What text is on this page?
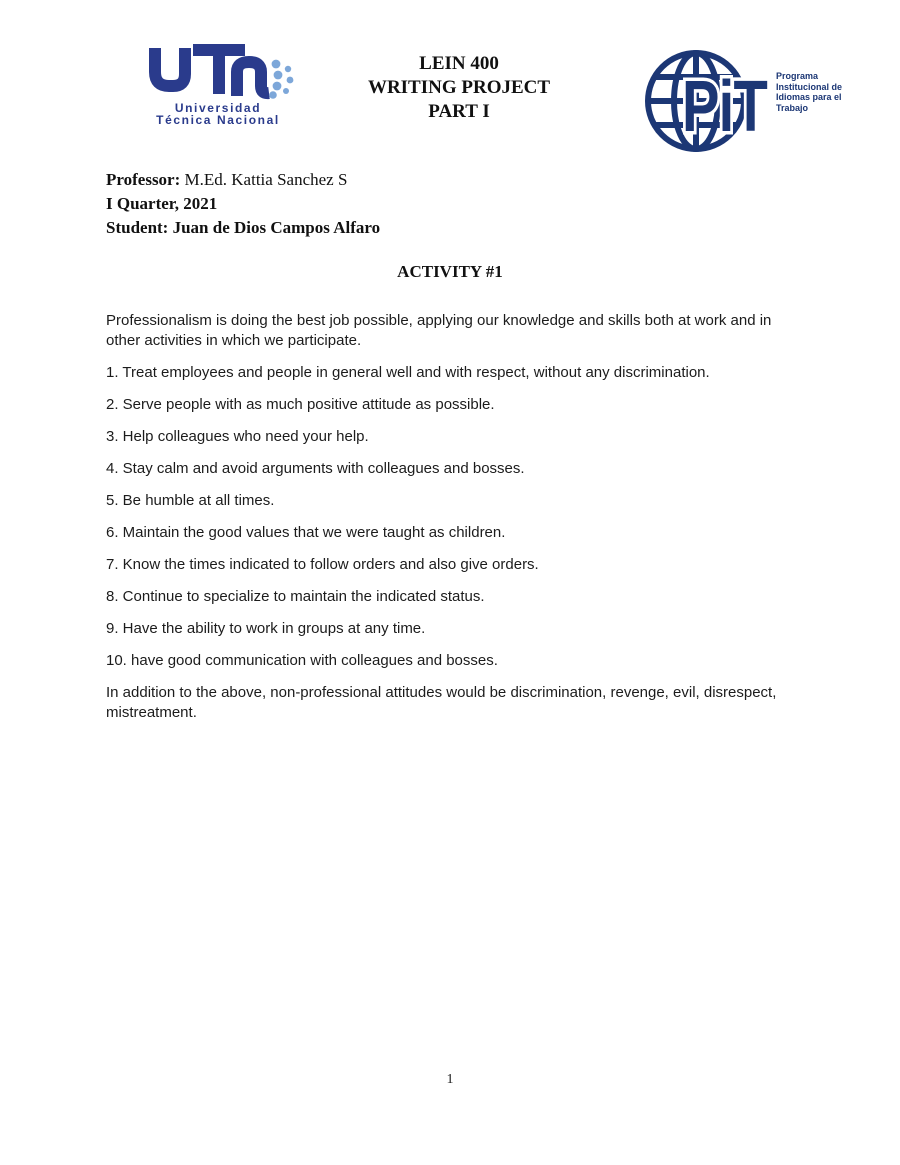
Universidad
Técnica Nacional
LEIN 400
WRITING PROJECT
PART I	PiT Programa
Institucional de
Idiomas para el
Trabajo

Professor: M.Ed. Kattia Sanchez S

I Quarter, 2021

Student: Juan de Dios Campos Alfaro

ACTIVITY #1

Professionalism is doing the best job possible, applying our knowledge and skills both at work and in other activities in which we participate.

1. Treat employees and people in general well and with respect, without any discrimination.

2. Serve people with as much positive attitude as possible.

3. Help colleagues who need your help.

4. Stay calm and avoid arguments with colleagues and bosses.

5. Be humble at all times.

6. Maintain the good values that we were taught as children.

7. Know the times indicated to follow orders and also give orders.

8. Continue to specialize to maintain the indicated status.

9. Have the ability to work in groups at any time.

10. have good communication with colleagues and bosses.

In addition to the above, non-professional attitudes would be discrimination, revenge, evil, disrespect, mistreatment.

1
